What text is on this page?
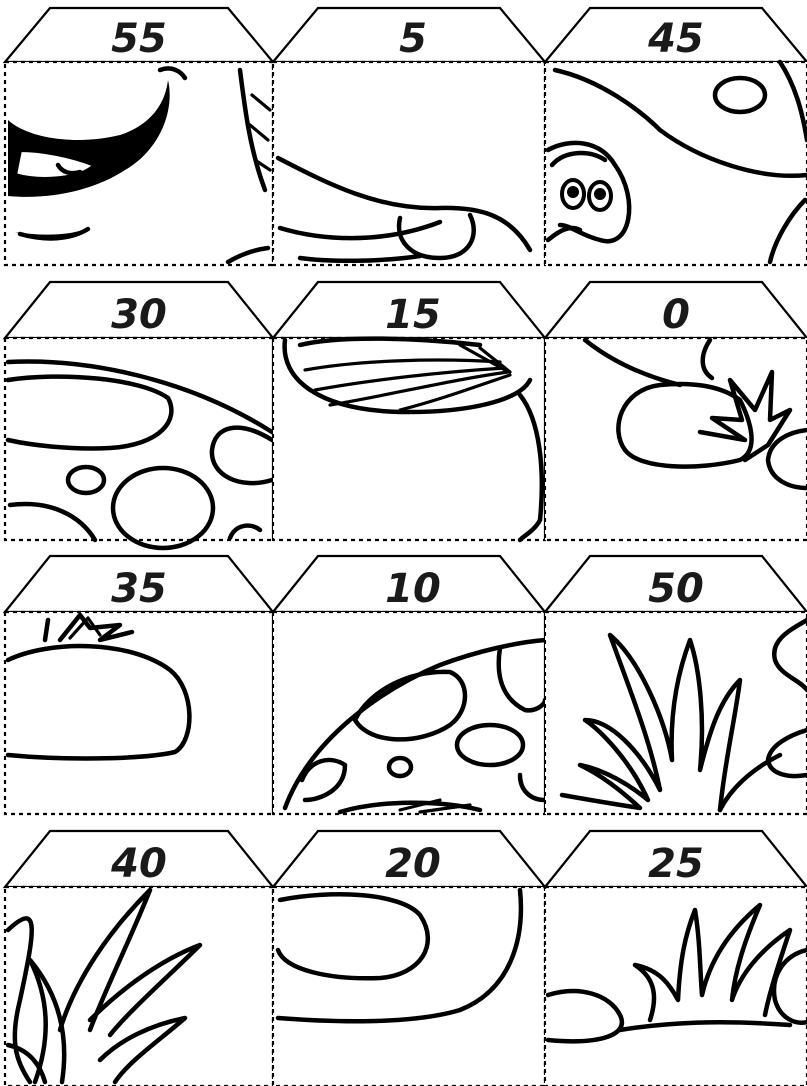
55	5	45
30	15	0
35	10	50
40	20	25
